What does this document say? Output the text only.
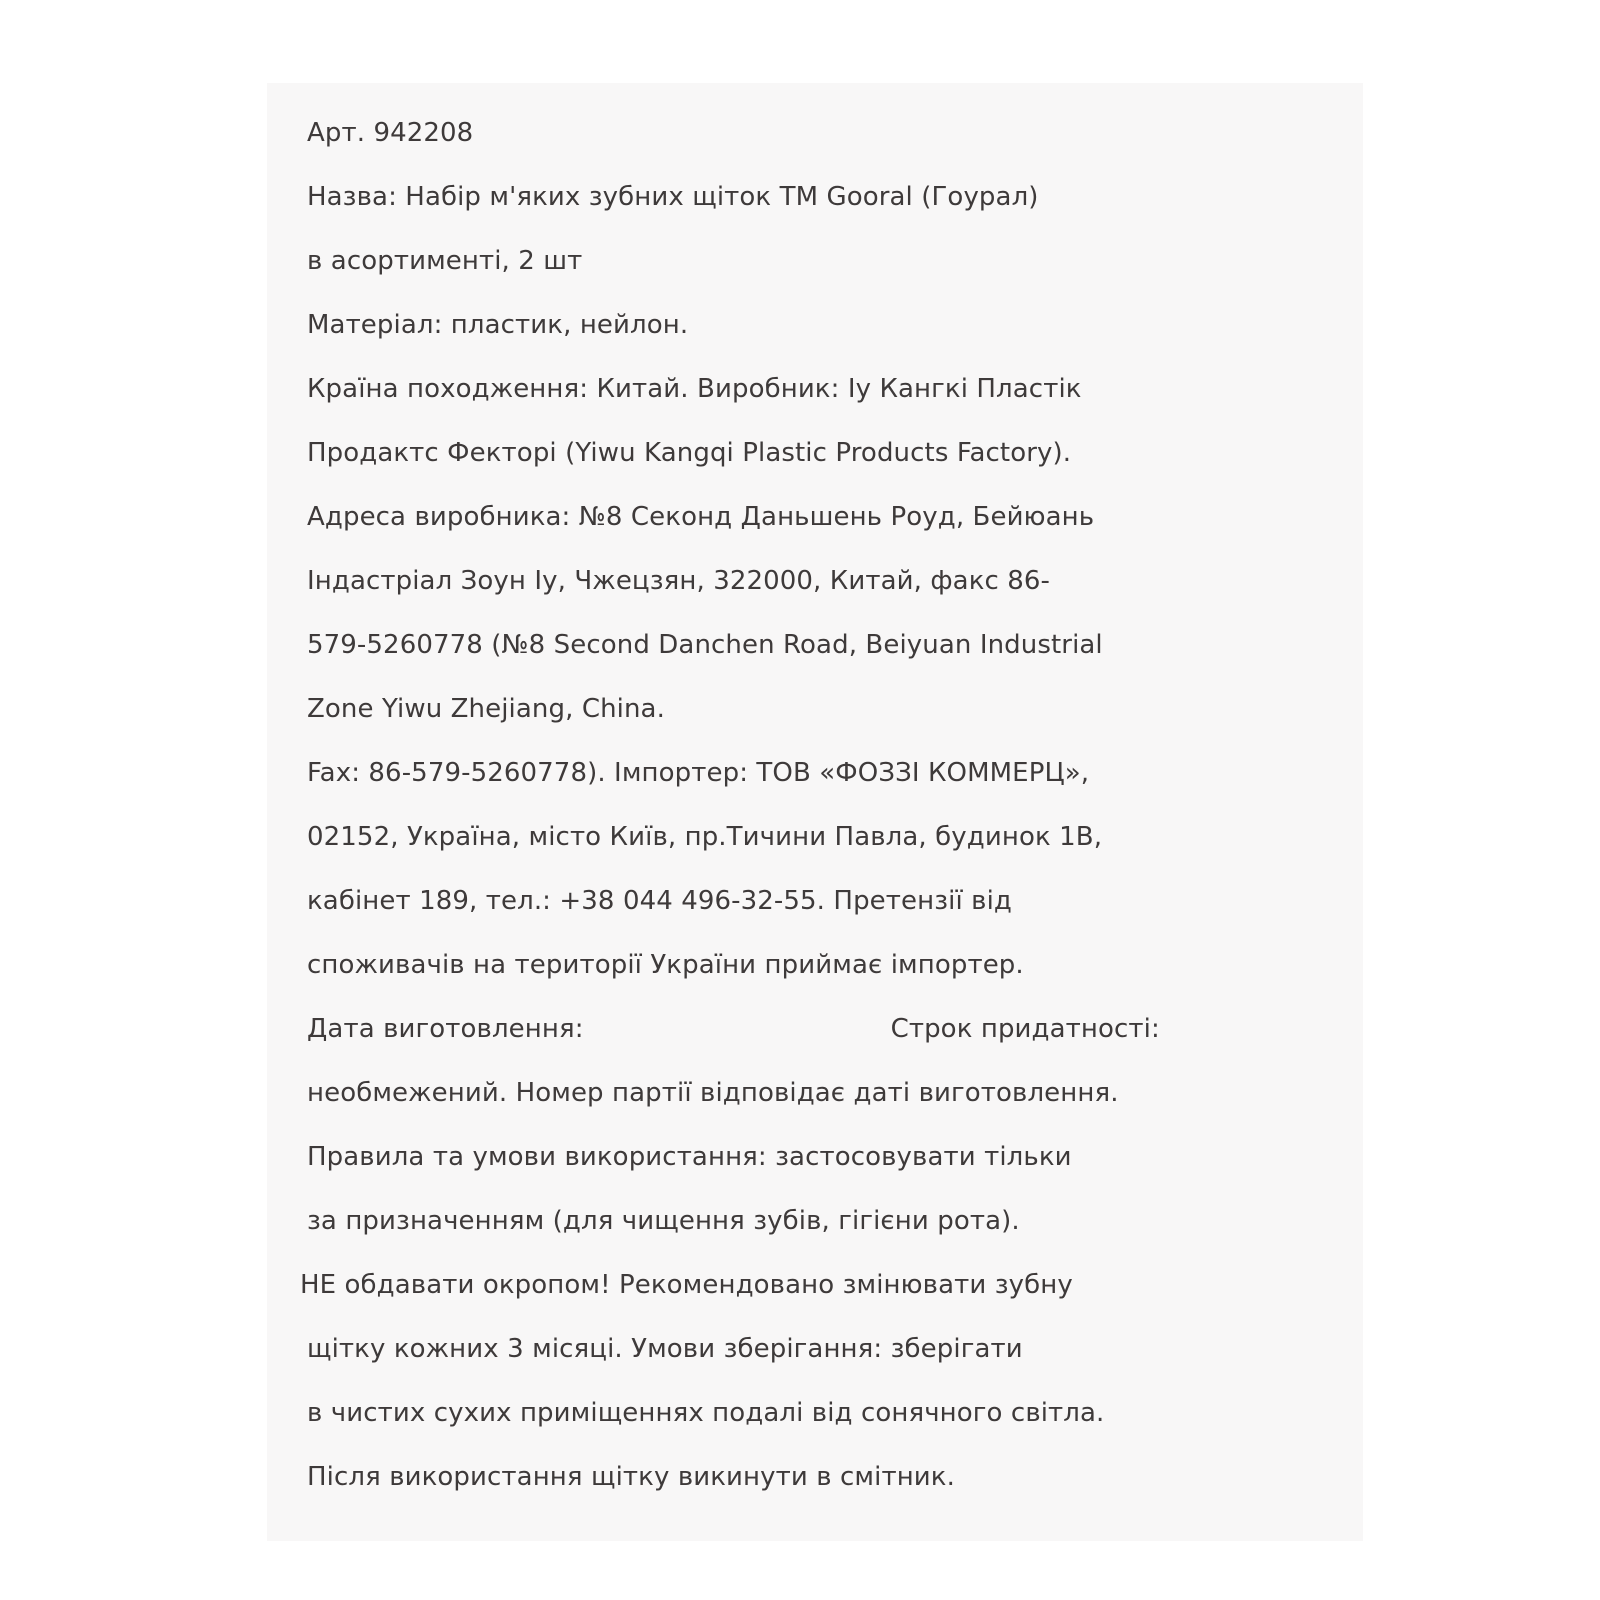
Арт. 942208
Назва: Набір м'яких зубних щіток ТМ Gooral (Гоурал)
в асортименті, 2 шт
Матеріал: пластик, нейлон.
Країна походження: Китай. Виробник: Іу Кангкі Пластік
Продактс Фекторі (Yiwu Kangqi Plastic Products Factory).
Адреса виробника: №8 Секонд Даньшень Роуд, Бейюань
Індастріал Зоун Іу, Чжецзян, 322000, Китай, факс 86-
579-5260778 (№8 Second Danchen Road, Beiyuan Industrial
Zone Yiwu Zhejiang, China.
Fax: 86-579-5260778). Імпортер: ТОВ «ФОЗЗІ КОММЕРЦ»,
02152, Україна, місто Київ, пр.Тичини Павла, будинок 1В,
кабінет 189, тел.: +38 044 496-32-55. Претензії від
споживачів на території України приймає імпортер.
Дата виготовлення:	Строк придатності:
необмежений. Номер партії відповідає даті виготовлення.
Правила та умови використання: застосовувати тільки
за призначенням (для чищення зубів, гігієни рота).
НЕ обдавати окропом! Рекомендовано змінювати зубну
щітку кожних 3 місяці. Умови зберігання: зберігати
в чистих сухих приміщеннях подалі від сонячного світла.
Після використання щітку викинути в смітник.
